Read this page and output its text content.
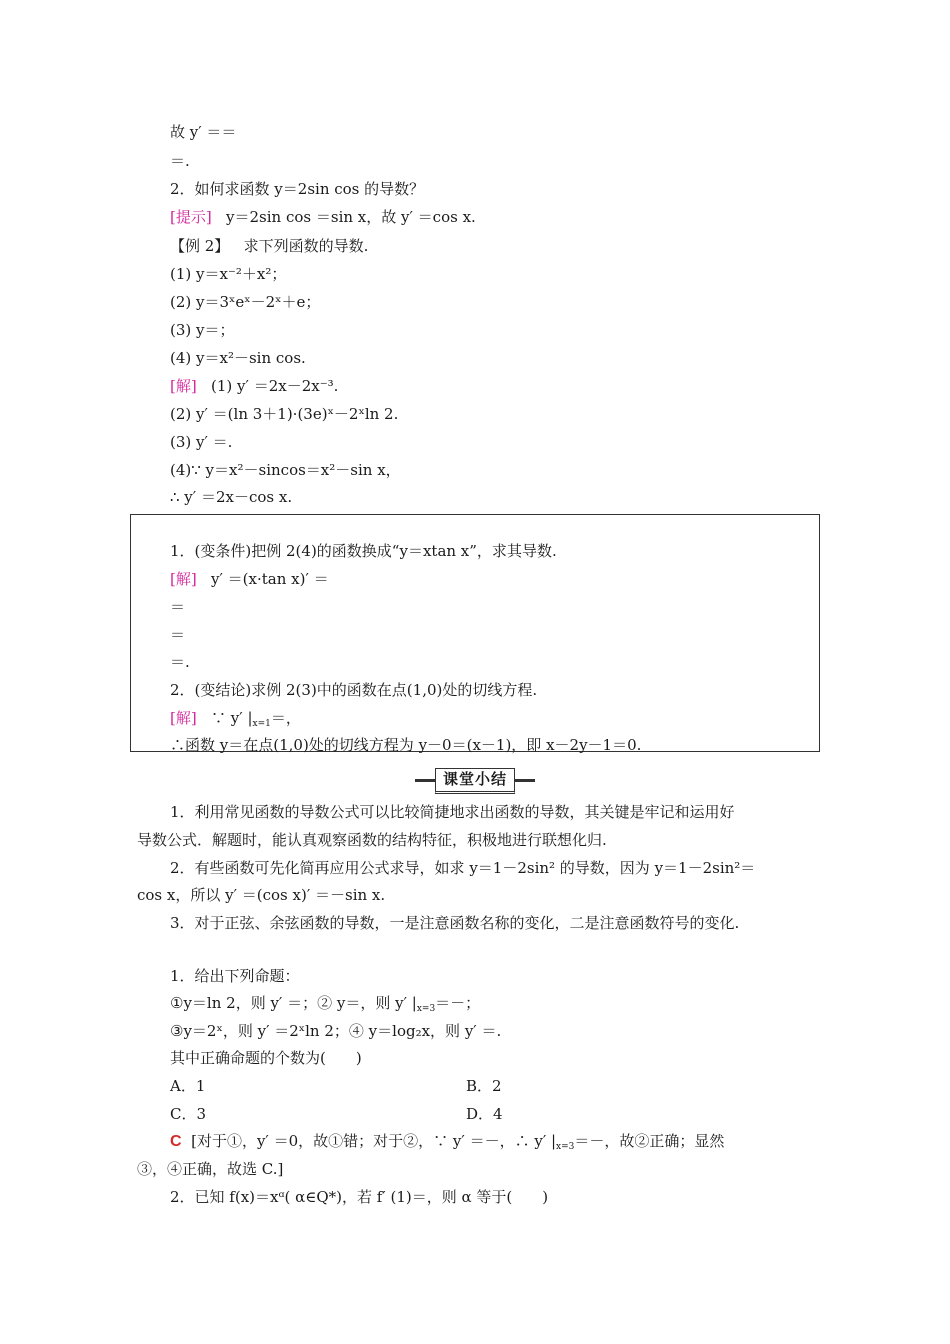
故 y′ ＝＝
＝.
2．如何求函数 y＝2sin cos 的导数？
[提示] y＝2sin cos ＝sin x，故 y′ ＝cos x.
【例 2】 求下列函数的导数.
(1) y＝x⁻²＋x²；
(2) y＝3ˣeˣ－2ˣ＋e；
(3) y＝；
(4) y＝x²－sin cos.
[解] (1) y′ ＝2x－2x⁻³.
(2) y′ ＝(ln 3＋1)·(3e)ˣ－2ˣln 2.
(3) y′ ＝.
(4)∵ y＝x²－sincos＝x²－sin x，
∴ y′ ＝2x－cos x.
1．(变条件)把例 2(4)的函数换成“y＝xtan x”，求其导数.
[解] y′ ＝(x·tan x)′ ＝
＝
＝
＝.
2．(变结论)求例 2(3)中的函数在点(1,0)处的切线方程.
[解] ∵ y′ $|_{x=1}=$，
∴函数 y＝在点(1,0)处的切线方程为 y－0＝(x－1)，即 x－2y－1＝0.
课堂小结
1．利用常见函数的导数公式可以比较简捷地求出函数的导数，其关键是牢记和运用好
导数公式．解题时，能认真观察函数的结构特征，积极地进行联想化归.
2．有些函数可先化简再应用公式求导，如求 y＝1－2sin² 的导数，因为 y＝1－2sin²＝
cos x，所以 y′ ＝(cos x)′ ＝－sin x.
3．对于正弦、余弦函数的导数，一是注意函数名称的变化，二是注意函数符号的变化.
1．给出下列命题：
①y＝ln 2，则 y′ ＝；② y＝，则 y′ $|_{x=3}=-$；
③y＝2ˣ，则 y′ ＝2ˣln 2；④ y＝log₂x，则 y′ ＝.
其中正确命题的个数为(　　)
A．1	B．2
C．3	D．4
C [对于①，y′ ＝0，故①错；对于②，∵ y′ ＝－，∴ y′ $|_{x=3}=-$，故②正确；显然
③，④正确，故选 C.]
2．已知 f(x)＝xᵅ( α∈Q*)，若 f′ (1)＝，则 α 等于(　　)
